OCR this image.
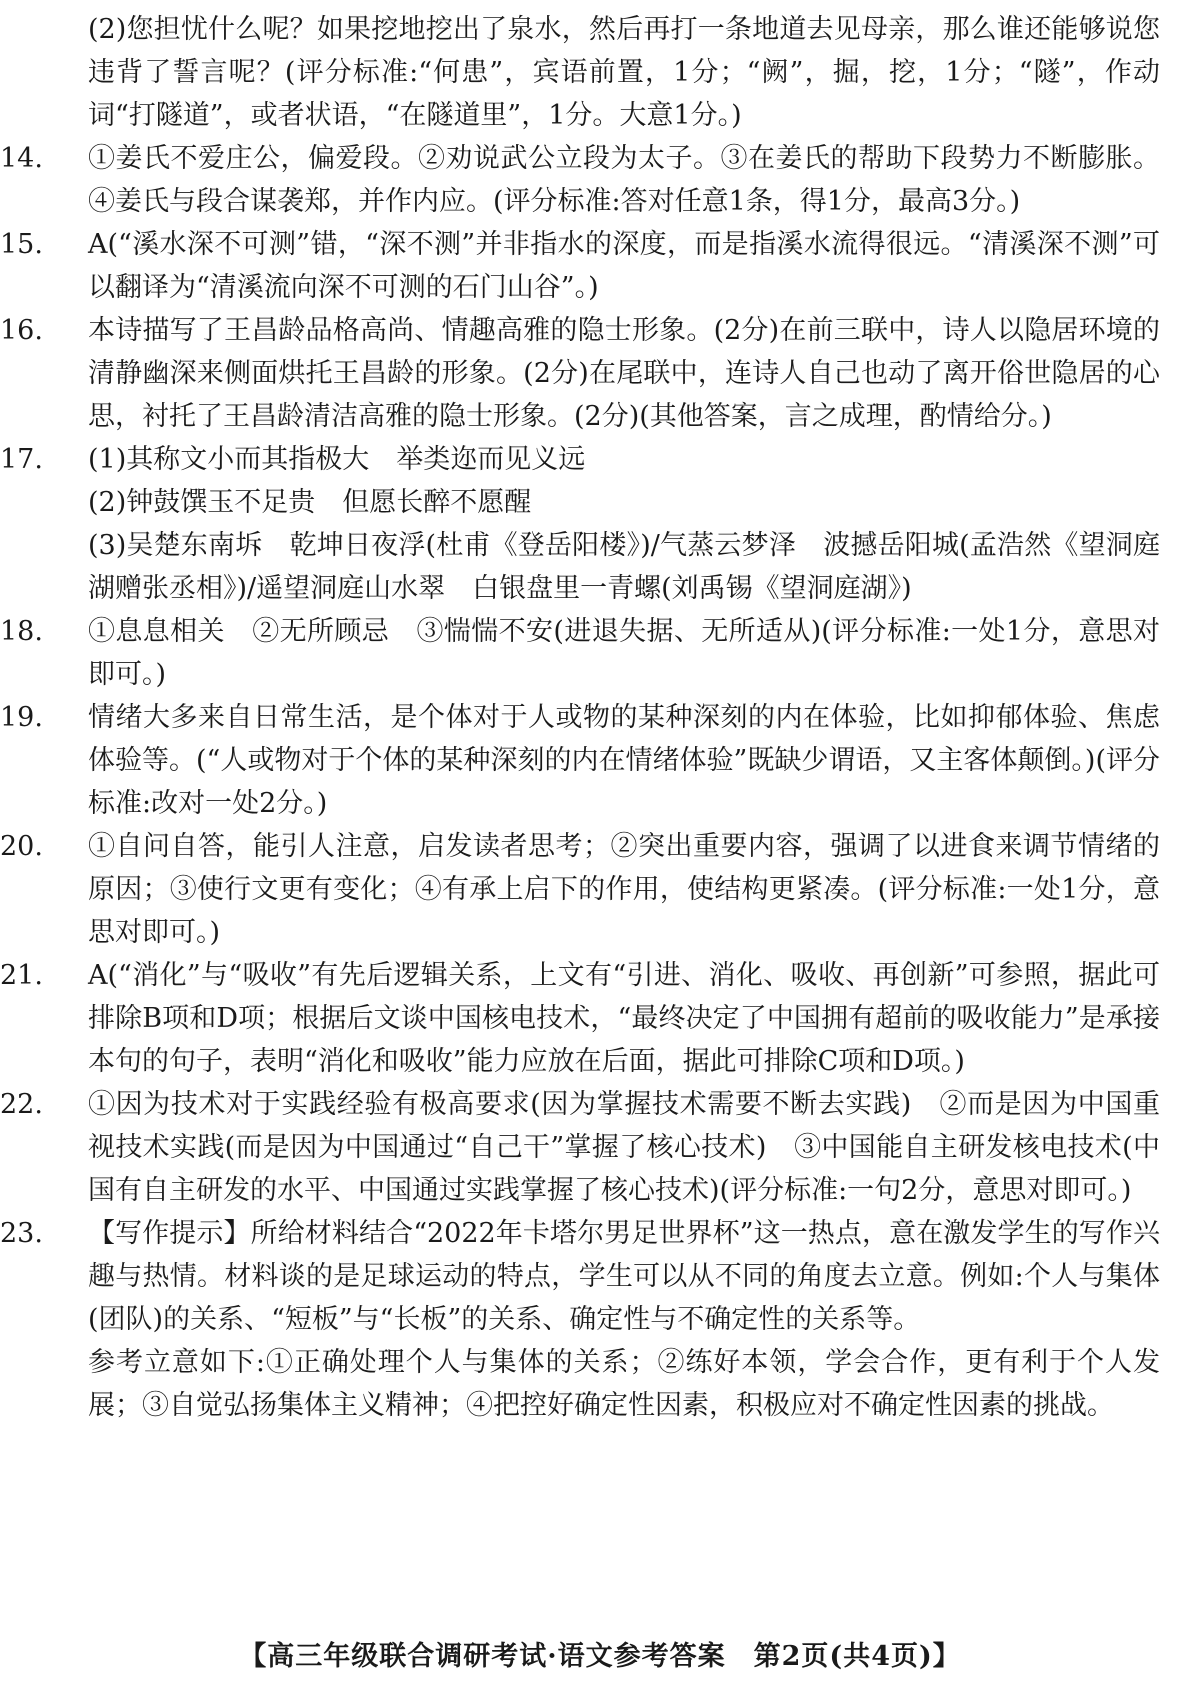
(2)您担忧什么呢？如果挖地挖出了泉水，然后再打一条地道去见母亲，那么谁还能够说您违背了誓言呢？(评分标准:“何患”，宾语前置，1分；“阙”，掘，挖，1分；“隧”，作动词“打隧道”，或者状语，“在隧道里”，1分。大意1分。)

14. ①姜氏不爱庄公，偏爱段。②劝说武公立段为太子。③在姜氏的帮助下段势力不断膨胀。④姜氏与段合谋袭郑，并作内应。(评分标准:答对任意1条，得1分，最高3分。)

15. A(“溪水深不可测”错，“深不测”并非指水的深度，而是指溪水流得很远。“清溪深不测”可以翻译为“清溪流向深不可测的石门山谷”。)

16. 本诗描写了王昌龄品格高尚、情趣高雅的隐士形象。(2分)在前三联中，诗人以隐居环境的清静幽深来侧面烘托王昌龄的形象。(2分)在尾联中，连诗人自己也动了离开俗世隐居的心思，衬托了王昌龄清洁高雅的隐士形象。(2分)(其他答案，言之成理，酌情给分。)

17. (1)其称文小而其指极大　举类迩而见义远

(2)钟鼓馔玉不足贵　但愿长醉不愿醒

(3)吴楚东南坼　乾坤日夜浮(杜甫《登岳阳楼》)/气蒸云梦泽　波撼岳阳城(孟浩然《望洞庭湖赠张丞相》)/遥望洞庭山水翠　白银盘里一青螺(刘禹锡《望洞庭湖》)

18. ①息息相关　②无所顾忌　③惴惴不安(进退失据、无所适从)(评分标准:一处1分，意思对即可。)

19. 情绪大多来自日常生活，是个体对于人或物的某种深刻的内在体验，比如抑郁体验、焦虑体验等。(“人或物对于个体的某种深刻的内在情绪体验”既缺少谓语，又主客体颠倒。)(评分标准:改对一处2分。)

20. ①自问自答，能引人注意，启发读者思考；②突出重要内容，强调了以进食来调节情绪的原因；③使行文更有变化；④有承上启下的作用，使结构更紧凑。(评分标准:一处1分，意思对即可。)

21. A(“消化”与“吸收”有先后逻辑关系，上文有“引进、消化、吸收、再创新”可参照，据此可排除B项和D项；根据后文谈中国核电技术，“最终决定了中国拥有超前的吸收能力”是承接本句的句子，表明“消化和吸收”能力应放在后面，据此可排除C项和D项。)

22. ①因为技术对于实践经验有极高要求(因为掌握技术需要不断去实践)　②而是因为中国重视技术实践(而是因为中国通过“自己干”掌握了核心技术)　③中国能自主研发核电技术(中国有自主研发的水平、中国通过实践掌握了核心技术)(评分标准:一句2分，意思对即可。)

23. 【写作提示】所给材料结合“2022年卡塔尔男足世界杯”这一热点，意在激发学生的写作兴趣与热情。材料谈的是足球运动的特点，学生可以从不同的角度去立意。例如:个人与集体(团队)的关系、“短板”与“长板”的关系、确定性与不确定性的关系等。

参考立意如下:①正确处理个人与集体的关系；②练好本领，学会合作，更有利于个人发展；③自觉弘扬集体主义精神；④把控好确定性因素，积极应对不确定性因素的挑战。

【高三年级联合调研考试·语文参考答案　第2页(共4页)】
